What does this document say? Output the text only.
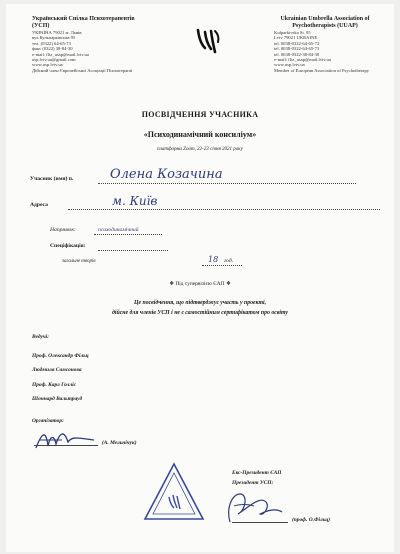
Український Спілка Психотерапевтів
(УСП)
УКРАЇНА 79021 м. Львів
вул.Кульпарківська 95
тел. (0322) 64-65-73
факс (0322) 38-84-30
e-mail: fliz_usap@mail.lviv.ua
usp.lviv.ua@gmail.com
www.usp.lviv.ua
Дійсний член Європейської Асоціації Психотерапії
Ukrainian Umbrella Association of Psychotherapists (UUAP)
Kulparkivska St. 95
Lviv 79021 UKRAINE
tel. 0038-0322-64-65-73
tel. 0038-0322-64-65-73
tel. 0038-0322-38-84-30
e-mail: fliz_usap@mail.lviv.ua
www.usp.lviv.ua
Member of European Association of Psychotherapy
ПОСВІДЧЕННЯ УЧАСНИКА
«Психодинамічний консиліум»
платформа Zoom, 22-23 січня 2021 року
Учасник (имя) п.	Олена Козачина
Адреса	м. Київ
Напрямок:	психодинамічний
Спеціфікація:
загальне творів	18 год.
❖ Під супервізією ЄАП ❖
Це посвідчення, що підтверджує участь у проекті,
дійсне для членів УСП і не є самостійним сертифікатом про освіту
Ведучі:
Проф. Олександр Фільц
Людмила Самсонова
Проф. Карл Голліс
Шоннард Вальтрауд
Організатор:
(А. Мельнічук)
Екс-Президент ЄАП
Президент УСП:
(проф. О.Фільц)
